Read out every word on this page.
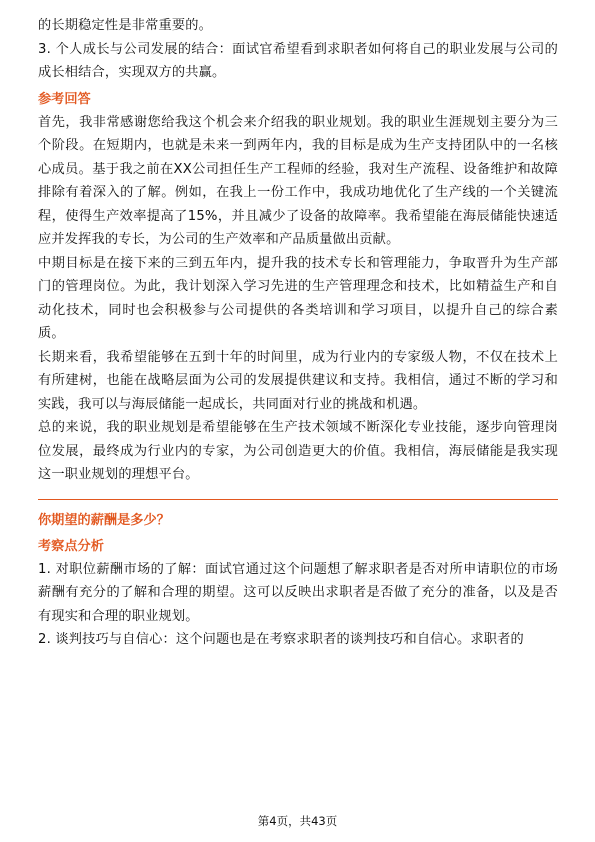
的长期稳定性是非常重要的。

3. 个人成长与公司发展的结合：面试官希望看到求职者如何将自己的职业发展与公司的成长相结合，实现双方的共赢。

参考回答

首先，我非常感谢您给我这个机会来介绍我的职业规划。我的职业生涯规划主要分为三个阶段。在短期内，也就是未来一到两年内，我的目标是成为生产支持团队中的一名核心成员。基于我之前在XX公司担任生产工程师的经验，我对生产流程、设备维护和故障排除有着深入的了解。例如，在我上一份工作中，我成功地优化了生产线的一个关键流程，使得生产效率提高了15%，并且减少了设备的故障率。我希望能在海辰储能快速适应并发挥我的专长，为公司的生产效率和产品质量做出贡献。

中期目标是在接下来的三到五年内，提升我的技术专长和管理能力，争取晋升为生产部门的管理岗位。为此，我计划深入学习先进的生产管理理念和技术，比如精益生产和自动化技术，同时也会积极参与公司提供的各类培训和学习项目，以提升自己的综合素质。

长期来看，我希望能够在五到十年的时间里，成为行业内的专家级人物，不仅在技术上有所建树，也能在战略层面为公司的发展提供建议和支持。我相信，通过不断的学习和实践，我可以与海辰储能一起成长，共同面对行业的挑战和机遇。

总的来说，我的职业规划是希望能够在生产技术领域不断深化专业技能，逐步向管理岗位发展，最终成为行业内的专家，为公司创造更大的价值。我相信，海辰储能是我实现这一职业规划的理想平台。

你期望的薪酬是多少？

考察点分析

1. 对职位薪酬市场的了解：面试官通过这个问题想了解求职者是否对所申请职位的市场薪酬有充分的了解和合理的期望。这可以反映出求职者是否做了充分的准备，以及是否有现实和合理的职业规划。

2. 谈判技巧与自信心：这个问题也是在考察求职者的谈判技巧和自信心。求职者的

第4页，共43页
